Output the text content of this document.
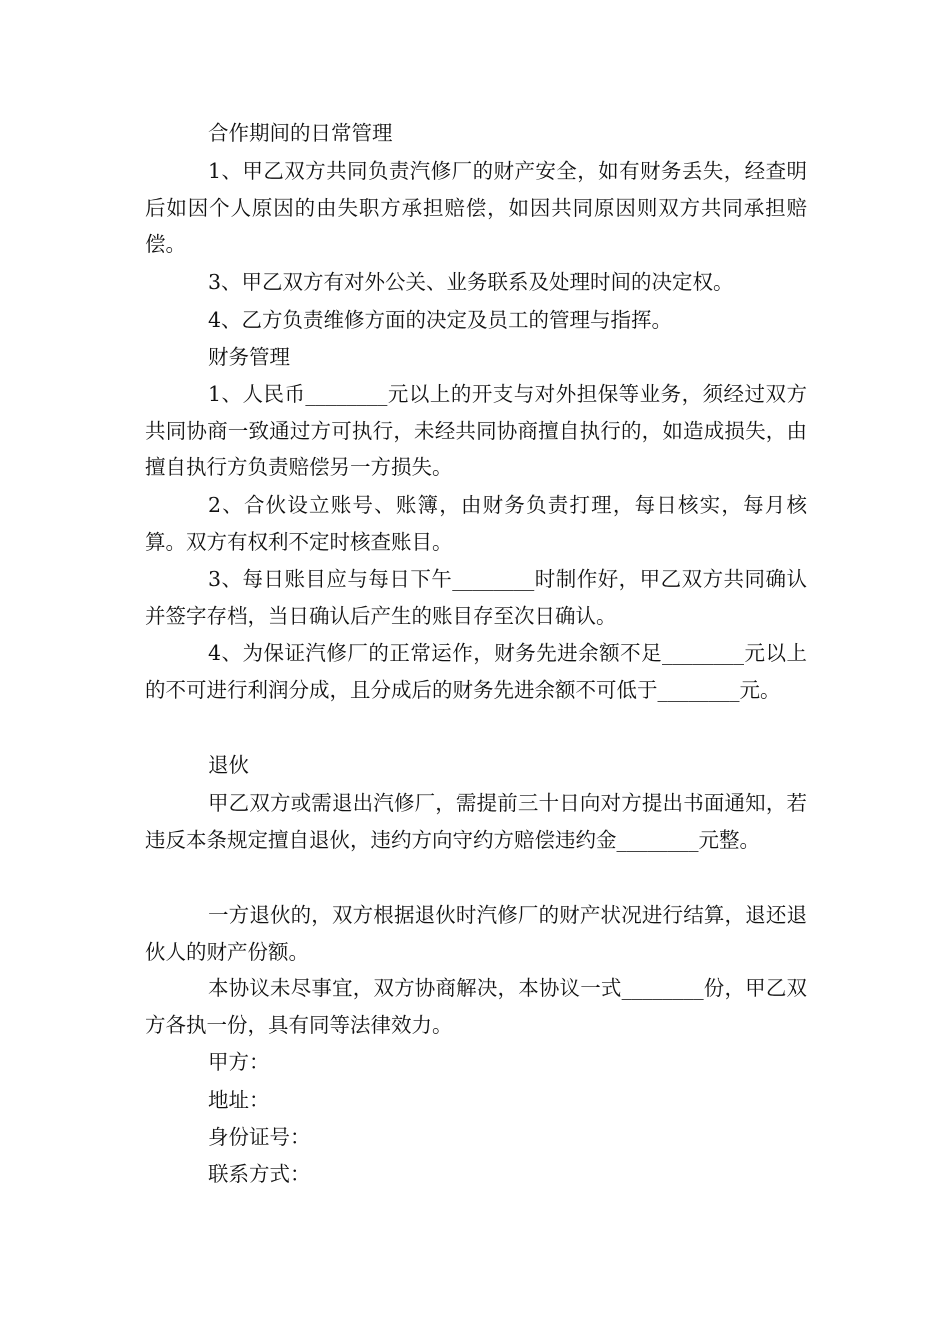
合作期间的日常管理

1、甲乙双方共同负责汽修厂的财产安全，如有财务丢失，经查明后如因个人原因的由失职方承担赔偿，如因共同原因则双方共同承担赔偿。

3、甲乙双方有对外公关、业务联系及处理时间的决定权。

4、乙方负责维修方面的决定及员工的管理与指挥。

财务管理

1、人民币________元以上的开支与对外担保等业务，须经过双方共同协商一致通过方可执行，未经共同协商擅自执行的，如造成损失，由擅自执行方负责赔偿另一方损失。

2、合伙设立账号、账簿，由财务负责打理，每日核实，每月核算。双方有权利不定时核查账目。

3、每日账目应与每日下午________时制作好，甲乙双方共同确认并签字存档，当日确认后产生的账目存至次日确认。

4、为保证汽修厂的正常运作，财务先进余额不足________元以上的不可进行利润分成，且分成后的财务先进余额不可低于________元。

退伙

甲乙双方或需退出汽修厂，需提前三十日向对方提出书面通知，若违反本条规定擅自退伙，违约方向守约方赔偿违约金________元整。

一方退伙的，双方根据退伙时汽修厂的财产状况进行结算，退还退伙人的财产份额。

本协议未尽事宜，双方协商解决，本协议一式________份，甲乙双方各执一份，具有同等法律效力。

甲方：

地址：

身份证号：

联系方式：
